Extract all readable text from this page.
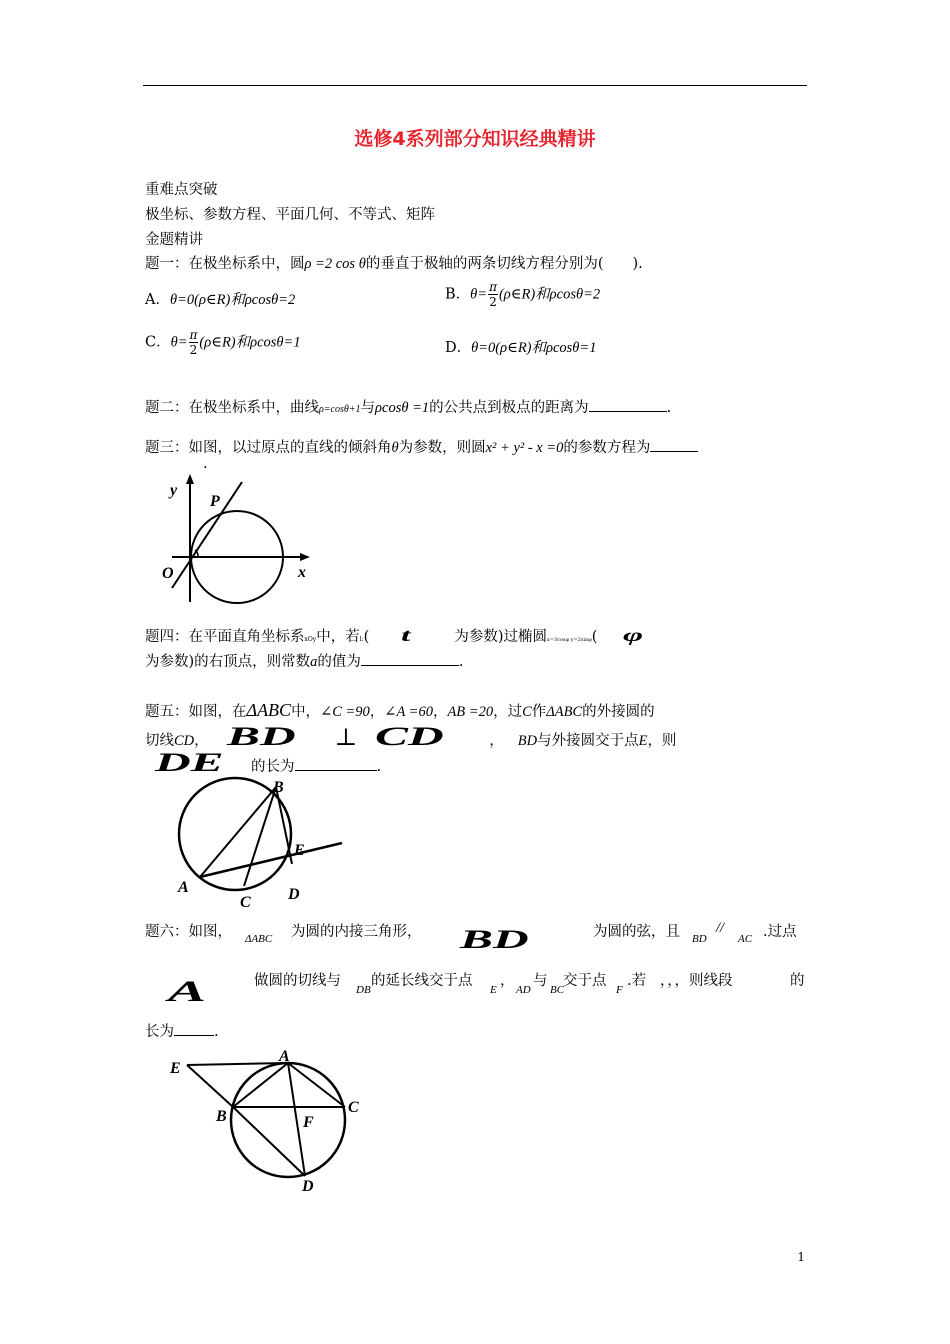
选修4系列部分知识经典精讲
重难点突破
极坐标、参数方程、平面几何、不等式、矩阵
金题精讲
题一：在极坐标系中，圆ρ =2 cos θ的垂直于极轴的两条切线方程分别为(　　).
A．θ=0(ρ∈R)和ρcosθ=2	B．$\theta= \frac{\pi}{2}$ (ρ∈R)和ρcosθ=2
C．$\theta= \frac{\pi}{2}$ (ρ∈R)和ρcosθ=1	D．θ=0(ρ∈R)和ρcosθ=1
题二：在极坐标系中，曲线ρ=cosθ+1与ρcosθ =1的公共点到极点的距离为	.
题三：如图，以过原点的直线的倾斜角θ为参数，则圆x² + y² - x =0的参数方程为
.
y
P
O	x
题四：在平面直角坐标系xOy中，若l:( t	为参数)过椭圆x=3cosφ y=2sinφ( φ
为参数)的右顶点，则常数a的值为	.
题五：如图，在ΔABC中，∠C =90，∠A =60，AB =20，过C作ΔABC的外接圆的
切线CD， BD ⊥ CD	， BD与外接圆交于点E，则
DE 的长为	.
B
E
A	D
C
题六：如图， ΔABC 为圆的内接三角形， BD	为圆的弦，且 BD
//
AC .过点
A	做圆的切线与
DB
的延长线交于点
E
，
AD
与
BC
交于点
F
.若 ，，，则线段	的
长为	.
A
E
B
C
F
D
1
